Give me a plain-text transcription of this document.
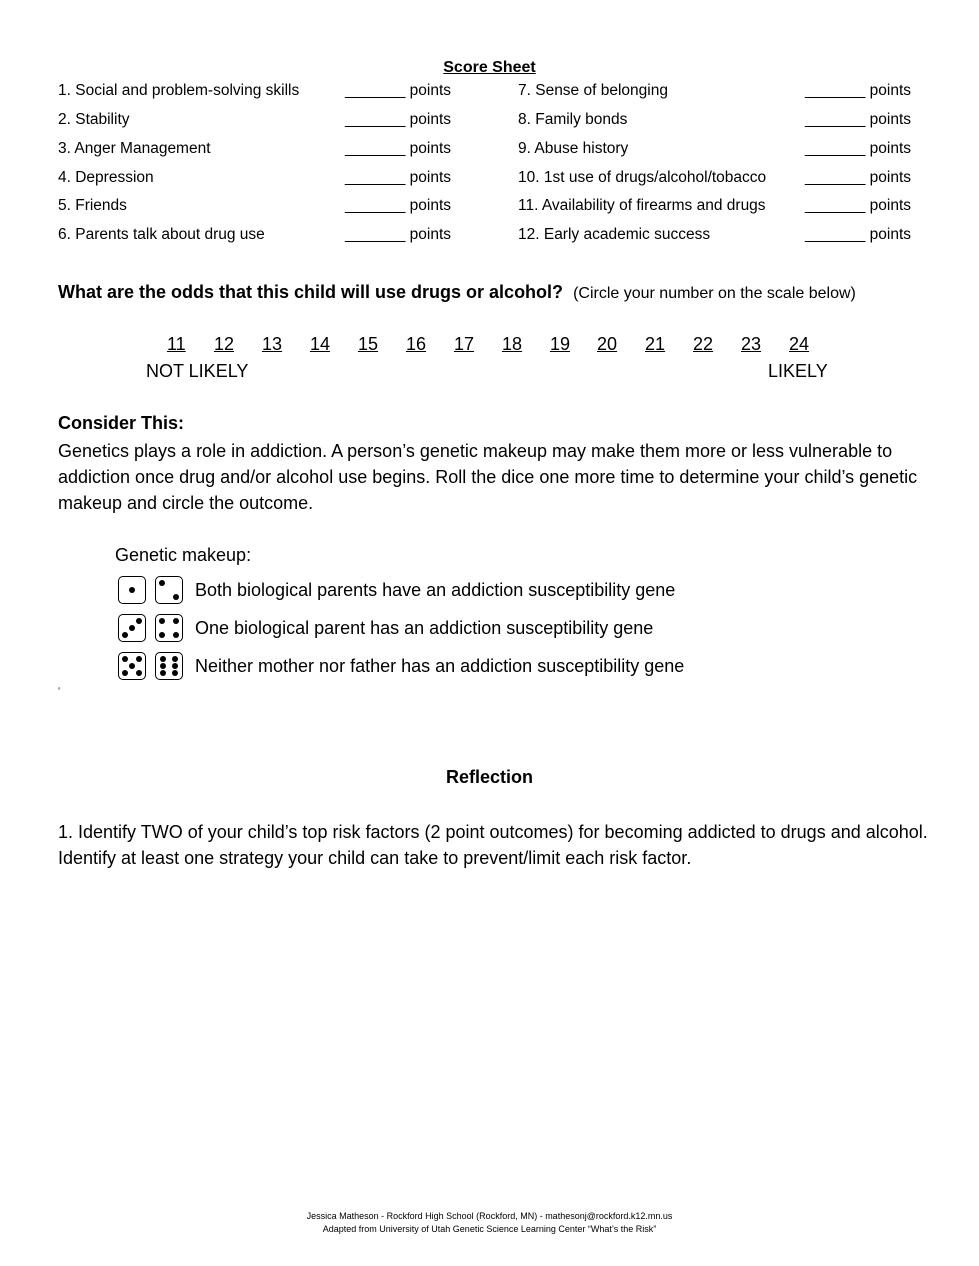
Score Sheet
1. Social and problem-solving skills
2. Stability
3. Anger Management
4. Depression
5. Friends
6. Parents talk about drug use
_______ points
_______ points
_______ points
_______ points
_______ points
_______ points
7. Sense of belonging
8. Family bonds
9. Abuse history
10. 1st use of drugs/alcohol/tobacco
11. Availability of firearms and drugs
12. Early academic success
_______ points
_______ points
_______ points
_______ points
_______ points
_______ points
What are the odds that this child will use drugs or alcohol? (Circle your number on the scale below)
11 12 13 14 15 16 17 18 19 20 21 22 23 24
NOT LIKELY	LIKELY
Consider This:
Genetics plays a role in addiction. A person’s genetic makeup may make them more or less vulnerable to addiction once drug and/or alcohol use begins. Roll the dice one more time to determine your child’s genetic makeup and circle the outcome.
Genetic makeup:
Both biological parents have an addiction susceptibility gene
One biological parent has an addiction susceptibility gene
Neither mother nor father has an addiction susceptibility gene
‘
Reflection
1. Identify TWO of your child’s top risk factors (2 point outcomes) for becoming addicted to drugs and alcohol. Identify at least one strategy your child can take to prevent/limit each risk factor.
Jessica Matheson - Rockford High School (Rockford, MN) - mathesonj@rockford.k12.mn.us
Adapted from University of Utah Genetic Science Learning Center “What’s the Risk”
